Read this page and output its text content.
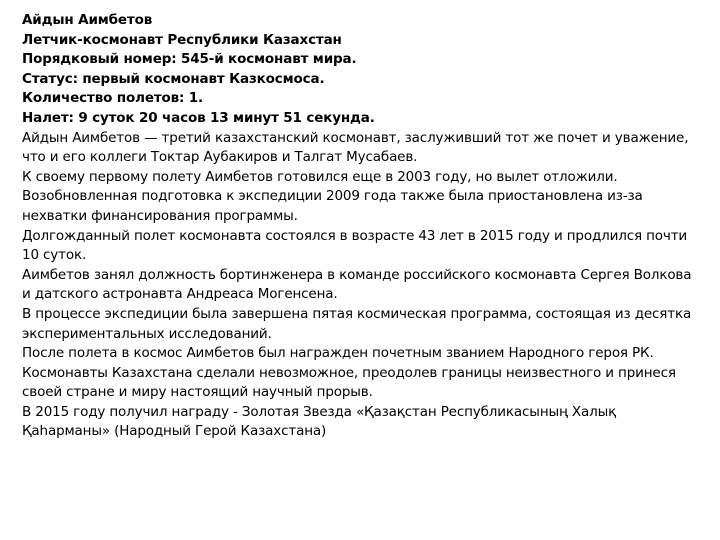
Айдын Аимбетов

Летчик-космонавт Республики Казахстан

Порядковый номер: 545-й космонавт мира.

Статус: первый космонавт Казкосмоса.

Количество полетов: 1.

Налет: 9 суток 20 часов 13 минут 51 секунда.

Айдын Аимбетов — третий казахстанский космонавт, заслуживший тот же почет и уважение, что и его коллеги Токтар Аубакиров и Талгат Мусабаев.

К своему первому полету Аимбетов готовился еще в 2003 году, но вылет отложили. Возобновленная подготовка к экспедиции 2009 года также была приостановлена из-за нехватки финансирования программы.

Долгожданный полет космонавта состоялся в возрасте 43 лет в 2015 году и продлился почти 10 суток.

Аимбетов занял должность бортинженера в команде российского космонавта Сергея Волкова и датского астронавта Андреаса Могенсена.

В процессе экспедиции была завершена пятая космическая программа, состоящая из десятка экспериментальных исследований.

После полета в космос Аимбетов был награжден почетным званием Народного героя РК.

Космонавты Казахстана сделали невозможное, преодолев границы неизвестного и принеся своей стране и миру настоящий научный прорыв.

В 2015 году получил награду - Золотая Звезда «Қазақстан Республикасының Халық Қаһарманы» (Народный Герой Казахстана)
